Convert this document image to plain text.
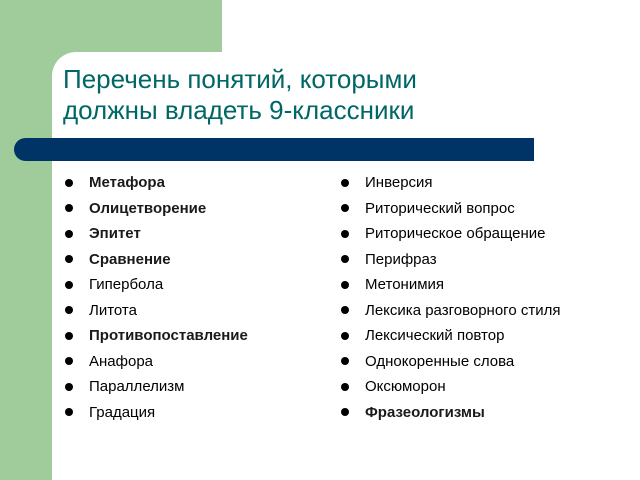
Перечень понятий, которыми
должны владеть 9-классники
Метафора
Олицетворение
Эпитет
Сравнение
Гипербола
Литота
Противопоставление
Анафора
Параллелизм
Градация
Инверсия
Риторический вопрос
Риторическое обращение
Перифраз
Метонимия
Лексика разговорного стиля
Лексический повтор
Однокоренные слова
Оксюморон
Фразеологизмы
